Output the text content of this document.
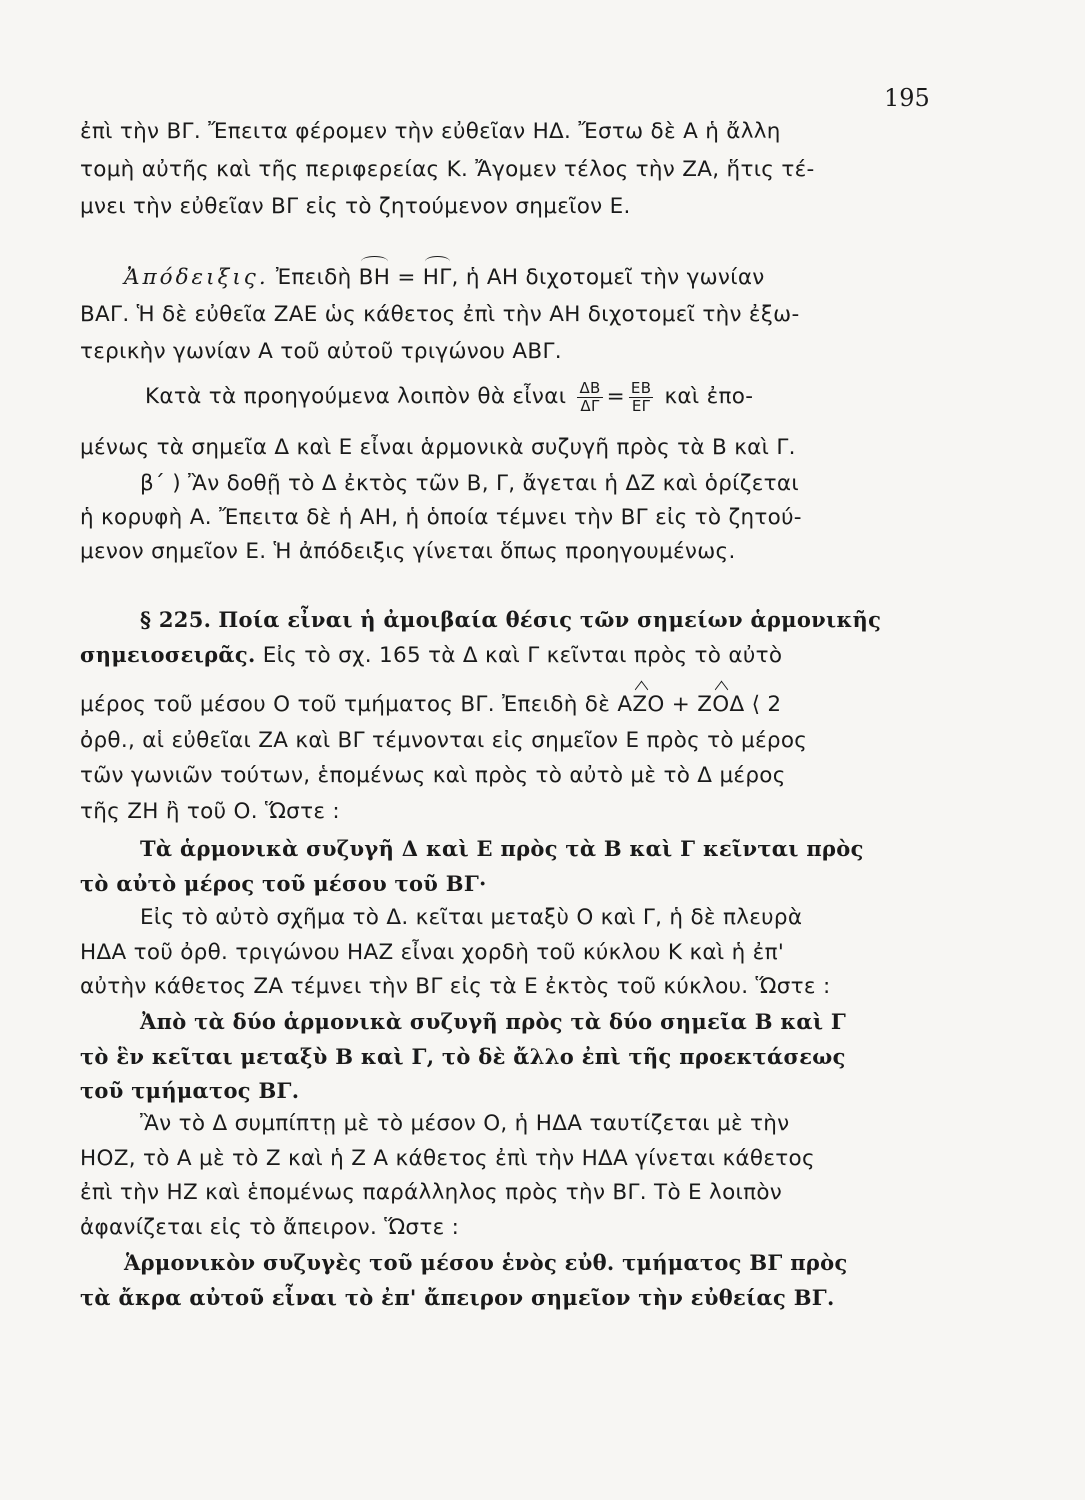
195
ἐπὶ τὴν ΒΓ. Ἔπειτα φέρομεν τὴν εὐθεῖαν ΗΔ. Ἔστω δὲ Α ἡ ἄλλη
τομὴ αὐτῆς καὶ τῆς περιφερείας Κ. Ἄγομεν τέλος τὴν ΖΑ, ἥτις τέ-
μνει τὴν εὐθεῖαν ΒΓ εἰς τὸ ζητούμενον σημεῖον Ε.
Ἀπόδειξις. Ἐπειδὴ ΒΗ = ΗΓ, ἡ ΑΗ διχοτομεῖ τὴν γωνίαν
ΒΑΓ. Ἡ δὲ εὐθεῖα ΖΑΕ ὡς κάθετος ἐπὶ τὴν ΑΗ διχοτομεῖ τὴν ἐξω-
τερικὴν γωνίαν Α τοῦ αὐτοῦ τριγώνου ΑΒΓ.
Κατὰ τὰ προηγούμενα λοιπὸν θὰ εἶναι $\frac{\Delta B}{\Delta\Gamma} = \frac{EB}{E\Gamma}$ καὶ ἐπο-
μένως τὰ σημεῖα Δ καὶ Ε εἶναι ἁρμονικὰ συζυγῆ πρὸς τὰ Β καὶ Γ.
β΄ ) Ἂν δοθῇ τὸ Δ ἐκτὸς τῶν Β, Γ, ἄγεται ἡ ΔΖ καὶ ὁρίζεται
ἡ κορυφὴ Α. Ἔπειτα δὲ ἡ ΑΗ, ἡ ὁποία τέμνει τὴν ΒΓ εἰς τὸ ζητού-
μενον σημεῖον Ε. Ἡ ἀπόδειξις γίνεται ὅπως προηγουμένως.
§ 225. Ποία εἶναι ἡ ἀμοιβαία θέσις τῶν σημείων ἁρμονικῆς
σημειοσειρᾶς. Εἰς τὸ σχ. 165 τὰ Δ καὶ Γ κεῖνται πρὸς τὸ αὐτὸ
μέρος τοῦ μέσου Ο τοῦ τμήματος ΒΓ. Ἐπειδὴ δὲ ΑΖΟ + ΖΟΔ ⟨ 2
ὀρθ., αἱ εὐθεῖαι ΖΑ καὶ ΒΓ τέμνονται εἰς σημεῖον Ε πρὸς τὸ μέρος
τῶν γωνιῶν τούτων, ἑπομένως καὶ πρὸς τὸ αὐτὸ μὲ τὸ Δ μέρος
τῆς ΖΗ ἢ τοῦ Ο. Ὥστε :
Τὰ ἁρμονικὰ συζυγῆ Δ καὶ Ε πρὸς τὰ Β καὶ Γ κεῖνται πρὸς
τὸ αὐτὸ μέρος τοῦ μέσου τοῦ ΒΓ·
Εἰς τὸ αὐτὸ σχῆμα τὸ Δ. κεῖται μεταξὺ Ο καὶ Γ, ἡ δὲ πλευρὰ
ΗΔΑ τοῦ ὀρθ. τριγώνου ΗΑΖ εἶναι χορδὴ τοῦ κύκλου Κ καὶ ἡ ἐπ'
αὐτὴν κάθετος ΖΑ τέμνει τὴν ΒΓ εἰς τὰ Ε ἐκτὸς τοῦ κύκλου. Ὥστε :
Ἀπὸ τὰ δύο ἁρμονικὰ συζυγῆ πρὸς τὰ δύο σημεῖα Β καὶ Γ
τὸ ἓν κεῖται μεταξὺ Β καὶ Γ, τὸ δὲ ἄλλο ἐπὶ τῆς προεκτάσεως
τοῦ τμήματος ΒΓ.
Ἂν τὸ Δ συμπίπτῃ μὲ τὸ μέσον Ο, ἡ ΗΔΑ ταυτίζεται μὲ τὴν
ΗΟΖ, τὸ Α μὲ τὸ Ζ καὶ ἡ Ζ Α κάθετος ἐπὶ τὴν ΗΔΑ γίνεται κάθετος
ἐπὶ τὴν ΗΖ καὶ ἑπομένως παράλληλος πρὸς τὴν ΒΓ. Τὸ Ε λοιπὸν
ἀφανίζεται εἰς τὸ ἄπειρον. Ὥστε :
Ἁρμονικὸν συζυγὲς τοῦ μέσου ἑνὸς εὐθ. τμήματος ΒΓ πρὸς
τὰ ἄκρα αὐτοῦ εἶναι τὸ ἐπ' ἄπειρον σημεῖον τὴν εὐθείας ΒΓ.
